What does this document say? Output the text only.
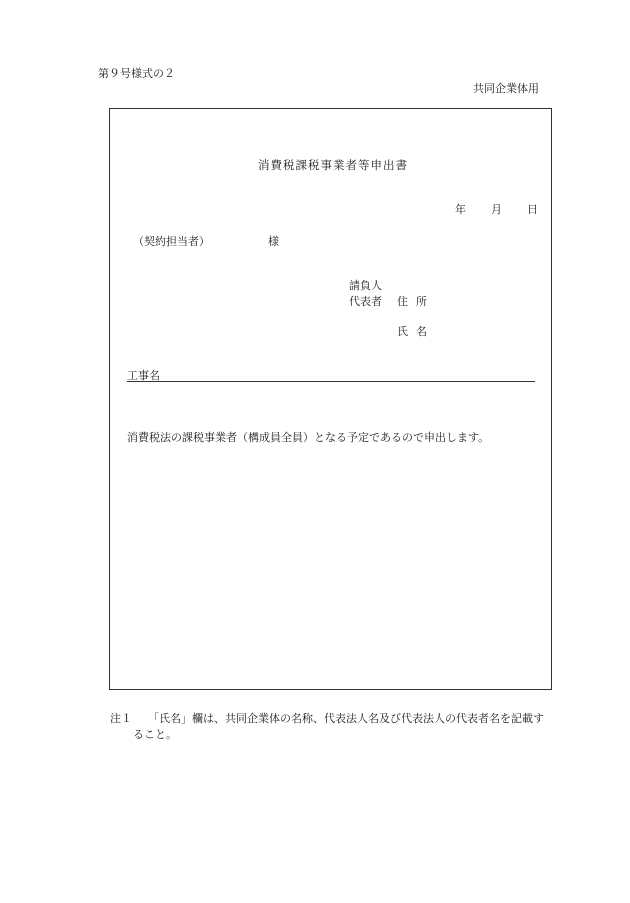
第９号様式の２
共同企業体用
消費税課税事業者等申出書
年 月 日
（契約担当者）	様
請負人
代表者 住所
氏名
工事名
消費税法の課税事業者（構成員全員）となる予定であるので申出します。
注１ 「氏名」欄は、共同企業体の名称、代表法人名及び代表法人の代表者名を記載す
ること。
